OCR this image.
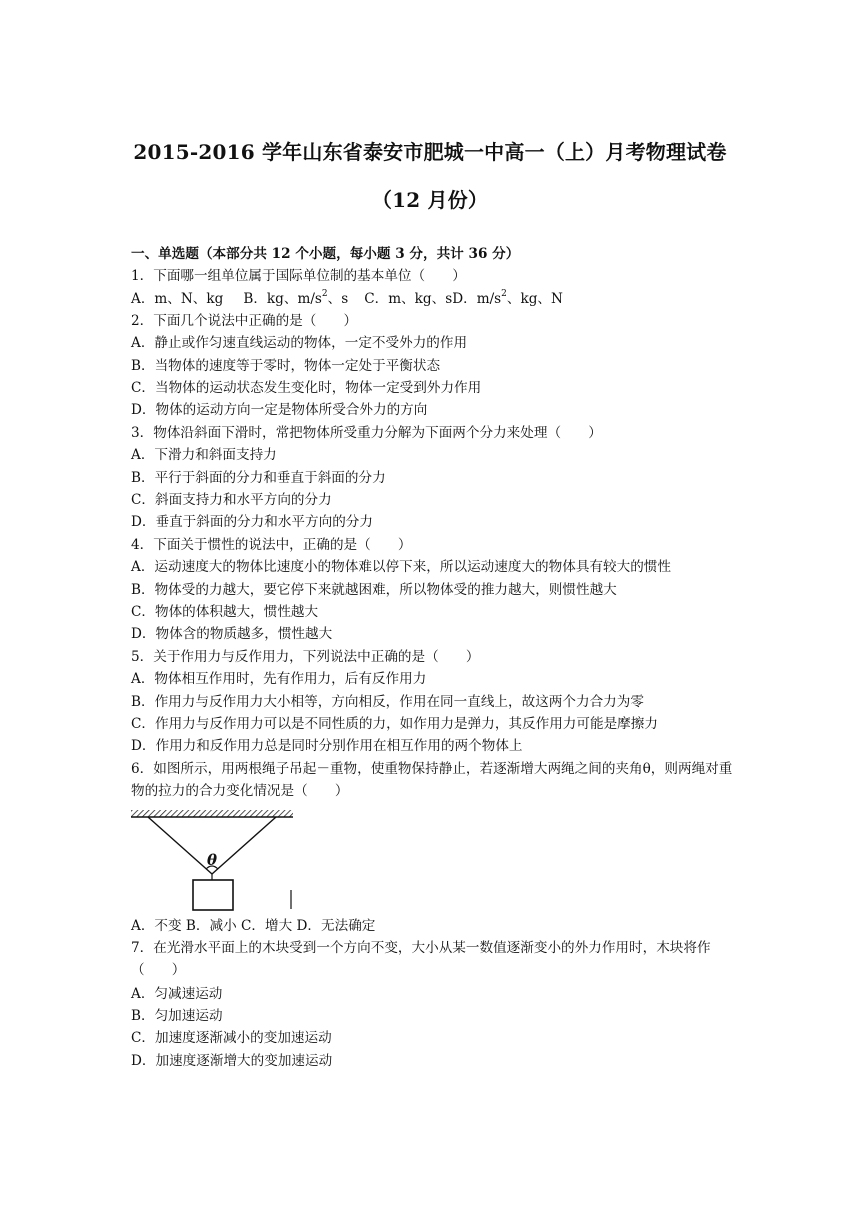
2015-2016 学年山东省泰安市肥城一中高一（上）月考物理试卷
（12 月份）
一、单选题（本部分共 12 个小题，每小题 3 分，共计 36 分）
1．下面哪一组单位属于国际单位制的基本单位（　　）
A．m、N、kg B．kg、$m/s^2$、s C．m、kg、sD．$m/s^2$、kg、N
2．下面几个说法中正确的是（　　）
A．静止或作匀速直线运动的物体，一定不受外力的作用
B．当物体的速度等于零时，物体一定处于平衡状态
C．当物体的运动状态发生变化时，物体一定受到外力作用
D．物体的运动方向一定是物体所受合外力的方向
3．物体沿斜面下滑时，常把物体所受重力分解为下面两个分力来处理（　　）
A．下滑力和斜面支持力
B．平行于斜面的分力和垂直于斜面的分力
C．斜面支持力和水平方向的分力
D．垂直于斜面的分力和水平方向的分力
4．下面关于惯性的说法中，正确的是（　　）
A．运动速度大的物体比速度小的物体难以停下来，所以运动速度大的物体具有较大的惯性
B．物体受的力越大，要它停下来就越困难，所以物体受的推力越大，则惯性越大
C．物体的体积越大，惯性越大
D．物体含的物质越多，惯性越大
5．关于作用力与反作用力，下列说法中正确的是（　　）
A．物体相互作用时，先有作用力，后有反作用力
B．作用力与反作用力大小相等，方向相反，作用在同一直线上，故这两个力合力为零
C．作用力与反作用力可以是不同性质的力，如作用力是弹力，其反作用力可能是摩擦力
D．作用力和反作用力总是同时分别作用在相互作用的两个物体上
6．如图所示，用两根绳子吊起－重物，使重物保持静止，若逐渐增大两绳之间的夹角θ，则两绳对重物的拉力的合力变化情况是（　　）
A．不变 B．减小 C．增大 D．无法确定
7．在光滑水平面上的木块受到一个方向不变，大小从某一数值逐渐变小的外力作用时，木块将作（　　）
A．匀减速运动
B．匀加速运动
C．加速度逐渐减小的变加速运动
D．加速度逐渐增大的变加速运动
θ
